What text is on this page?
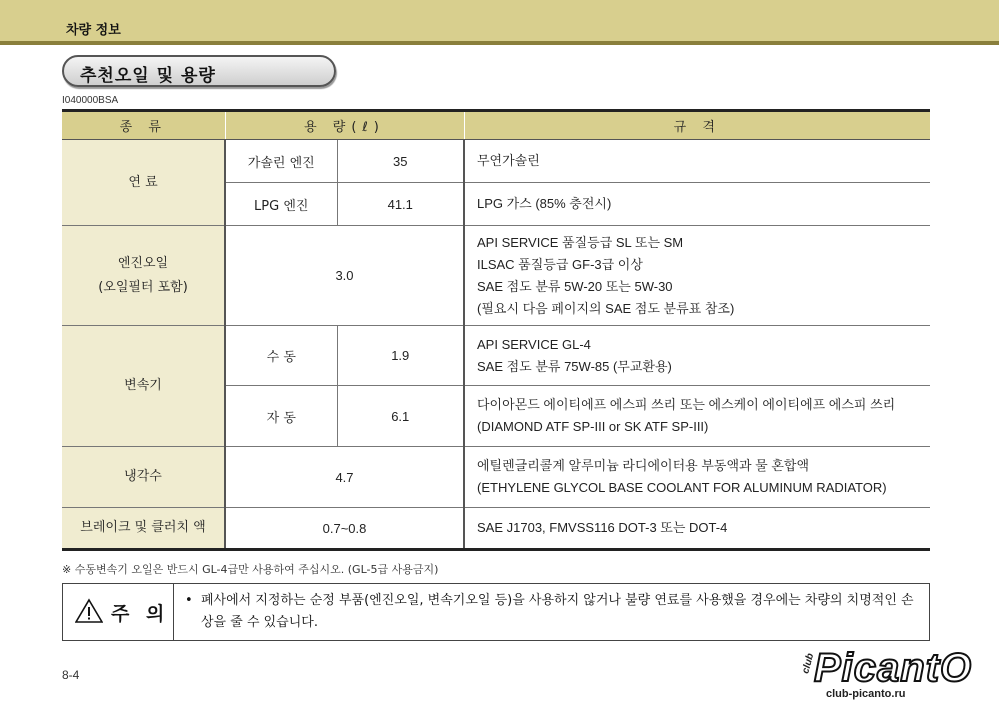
차량 정보
추천오일 및 용량
I040000BSA
종 류	용 량(ℓ)		규 격
연 료	가솔린 엔진	35	무연가솔린

	LPG 엔진	41.1	LPG 가스 (85% 충전시)

엔진오일
(오일필터 포함)	3.0		API SERVICE 품질등급 SL 또는 SM
ILSAC 품질등급 GF-3급 이상
SAE 점도 분류 5W-20 또는 5W-30
(필요시 다음 페이지의 SAE 점도 분류표 참조)

변속기	수 동	1.9	API SERVICE GL-4
SAE 점도 분류 75W-85 (무교환용)

	자 동	6.1	다이아몬드 에이티에프 에스피 쓰리 또는 에스케이 에이티에프 에스피 쓰리
(DIAMOND ATF SP-III or SK ATF SP-III)

냉각수	4.7		에틸렌글리콜계 알루미늄 라디에이터용 부동액과 물 혼합액
(ETHYLENE GLYCOL BASE COOLANT FOR ALUMINUM RADIATOR)

브레이크 및 클러치 액	0.7~0.8		SAE J1703, FMVSS116 DOT-3 또는 DOT-4
※ 수동변속기 오일은 반드시 GL-4급만 사용하여 주십시오. (GL-5급 사용금지)
주 의
• 폐사에서 지정하는 순정 부품(엔진오일, 변속기오일 등)을 사용하지 않거나 불량 연료를 사용했을 경우에는 차량의 치명적인 손상을 줄 수 있습니다.
8-4
club
PicantO
club-picanto.ru
